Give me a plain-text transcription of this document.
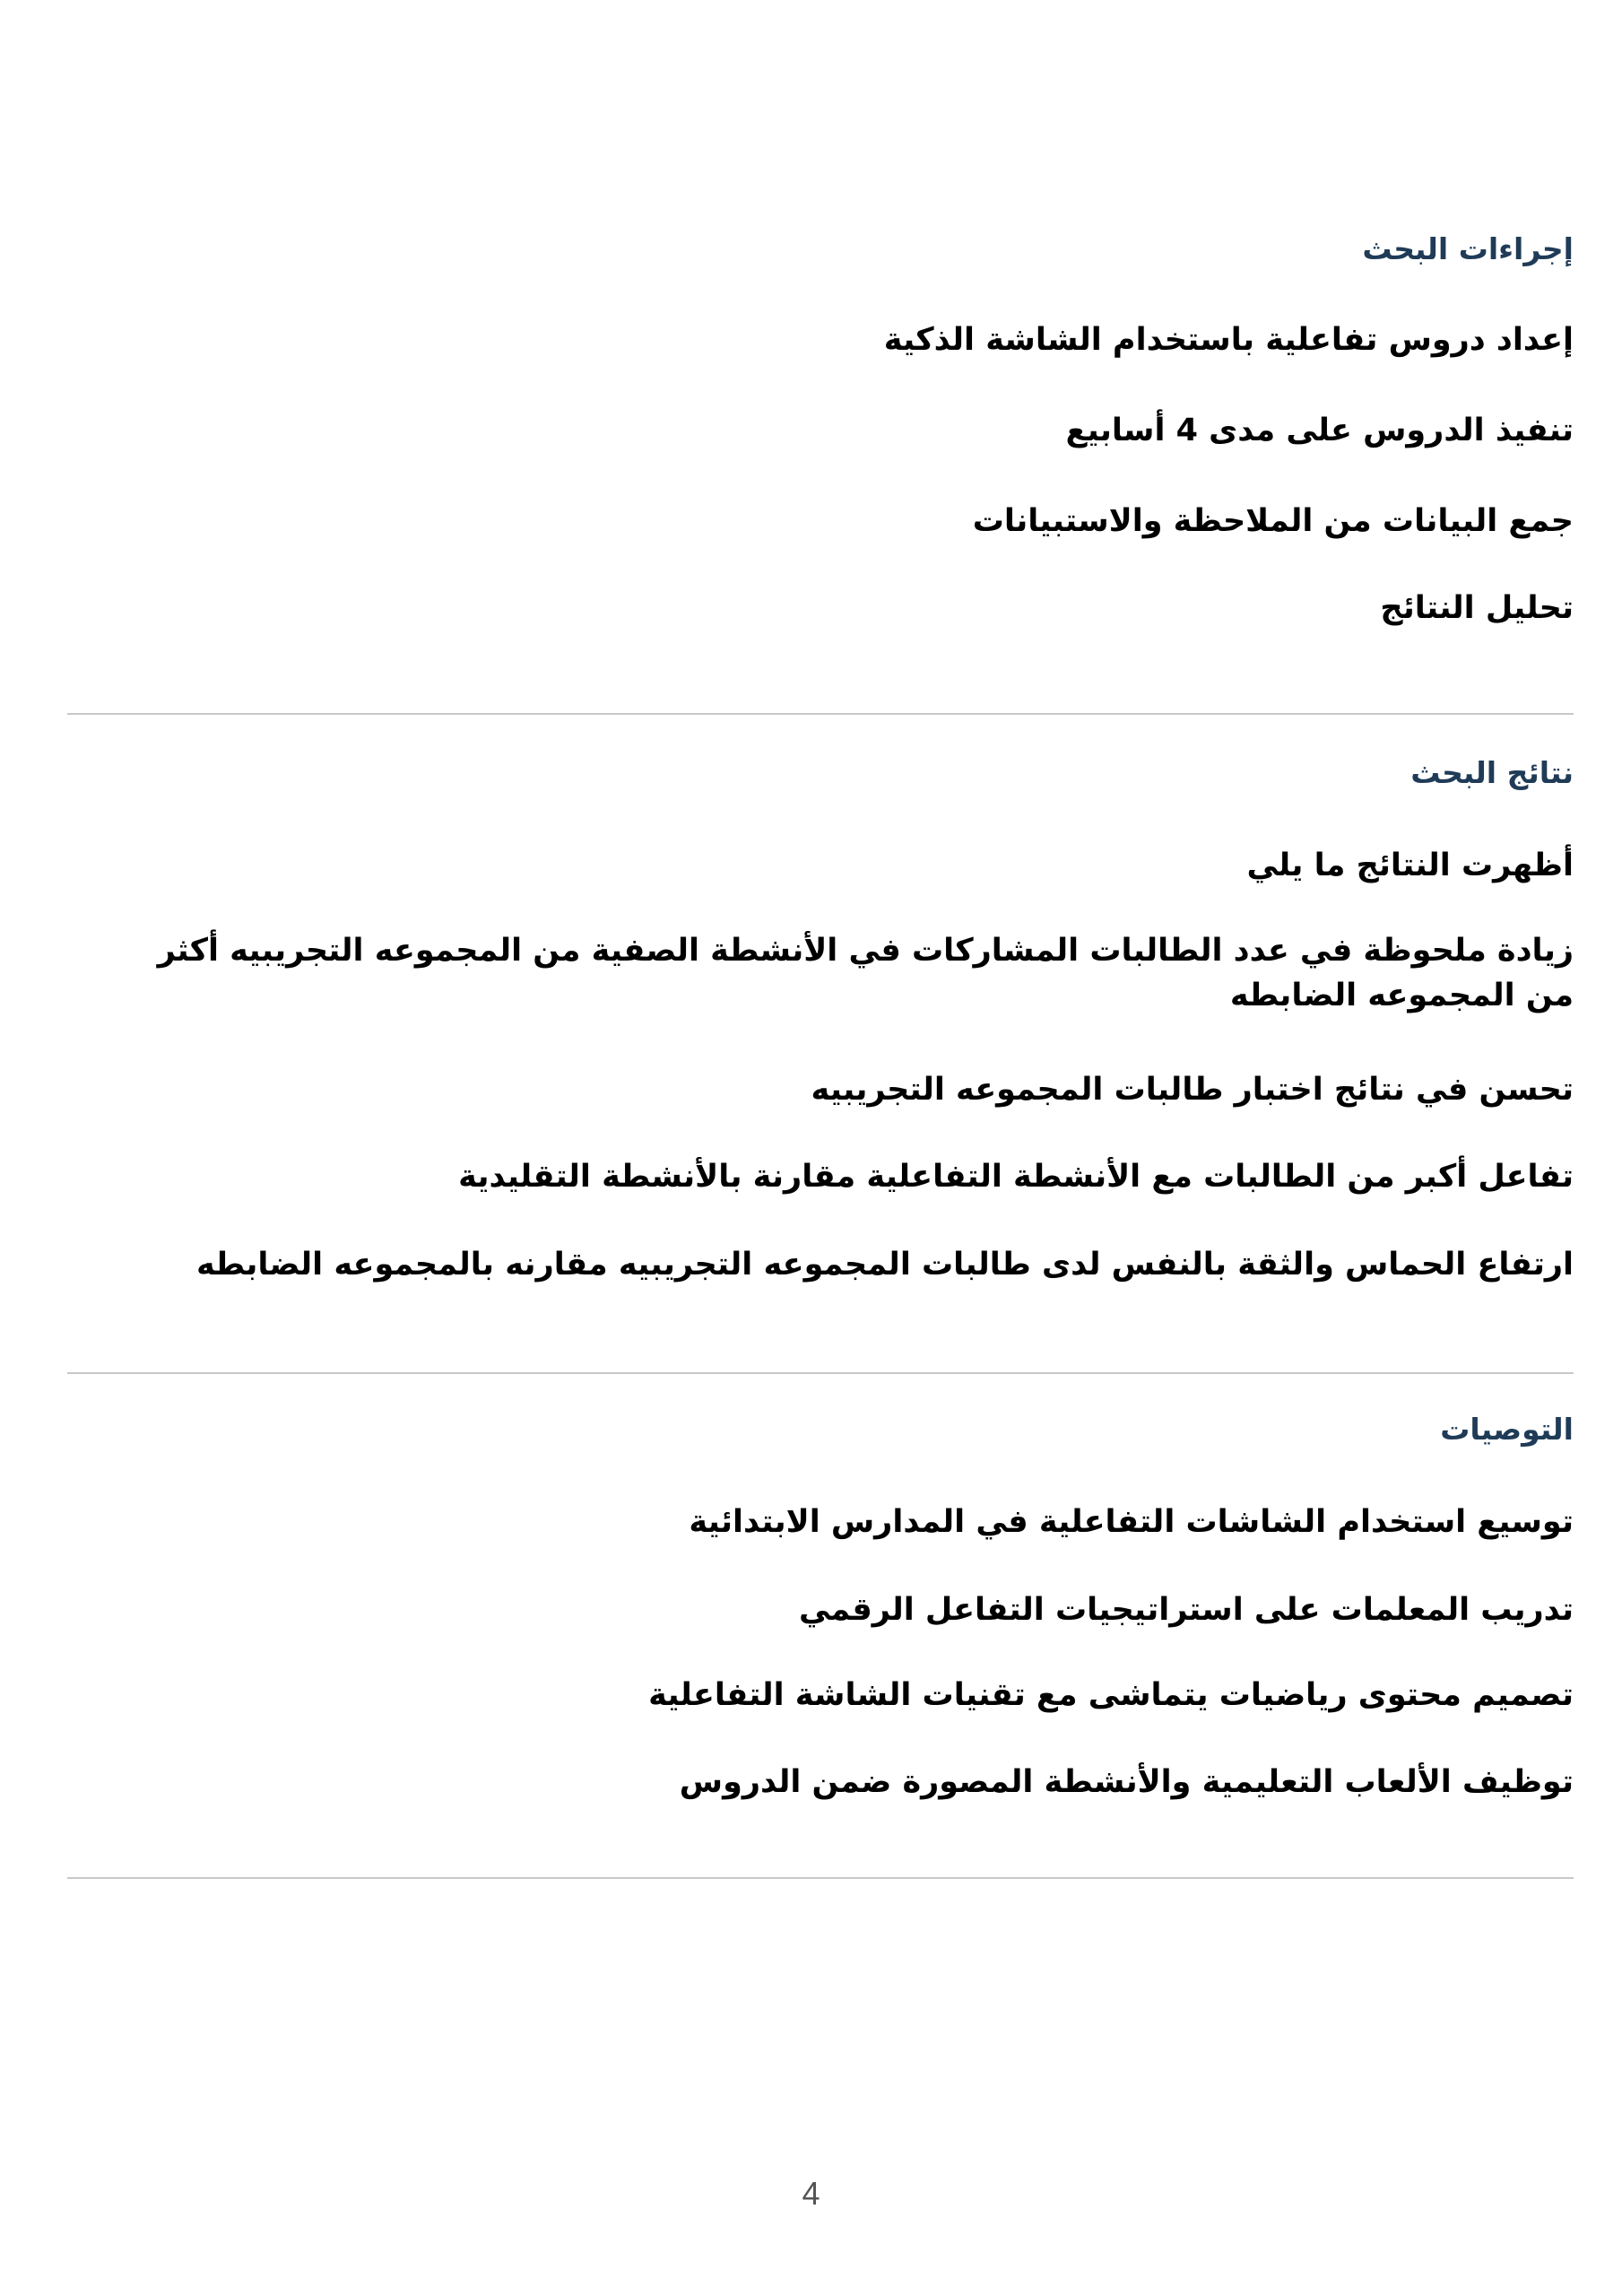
إجراءات البحث
إعداد دروس تفاعلية باستخدام الشاشة الذكية
تنفيذ الدروس على مدى 4 أسابيع
جمع البيانات من الملاحظة والاستبيانات
تحليل النتائج
نتائج البحث
أظهرت النتائج ما يلي
زيادة ملحوظة في عدد الطالبات المشاركات في الأنشطة الصفية من المجموعه التجريبيه أكثر من المجموعه الضابطه
تحسن في نتائج اختبار طالبات المجموعه التجريبيه
تفاعل أكبر من الطالبات مع الأنشطة التفاعلية مقارنة بالأنشطة التقليدية
ارتفاع الحماس والثقة بالنفس لدى طالبات المجموعه التجريبيه مقارنه بالمجموعه الضابطه
التوصيات
توسيع استخدام الشاشات التفاعلية في المدارس الابتدائية
تدريب المعلمات على استراتيجيات التفاعل الرقمي
تصميم محتوى رياضيات يتماشى مع تقنيات الشاشة التفاعلية
توظيف الألعاب التعليمية والأنشطة المصورة ضمن الدروس
4
